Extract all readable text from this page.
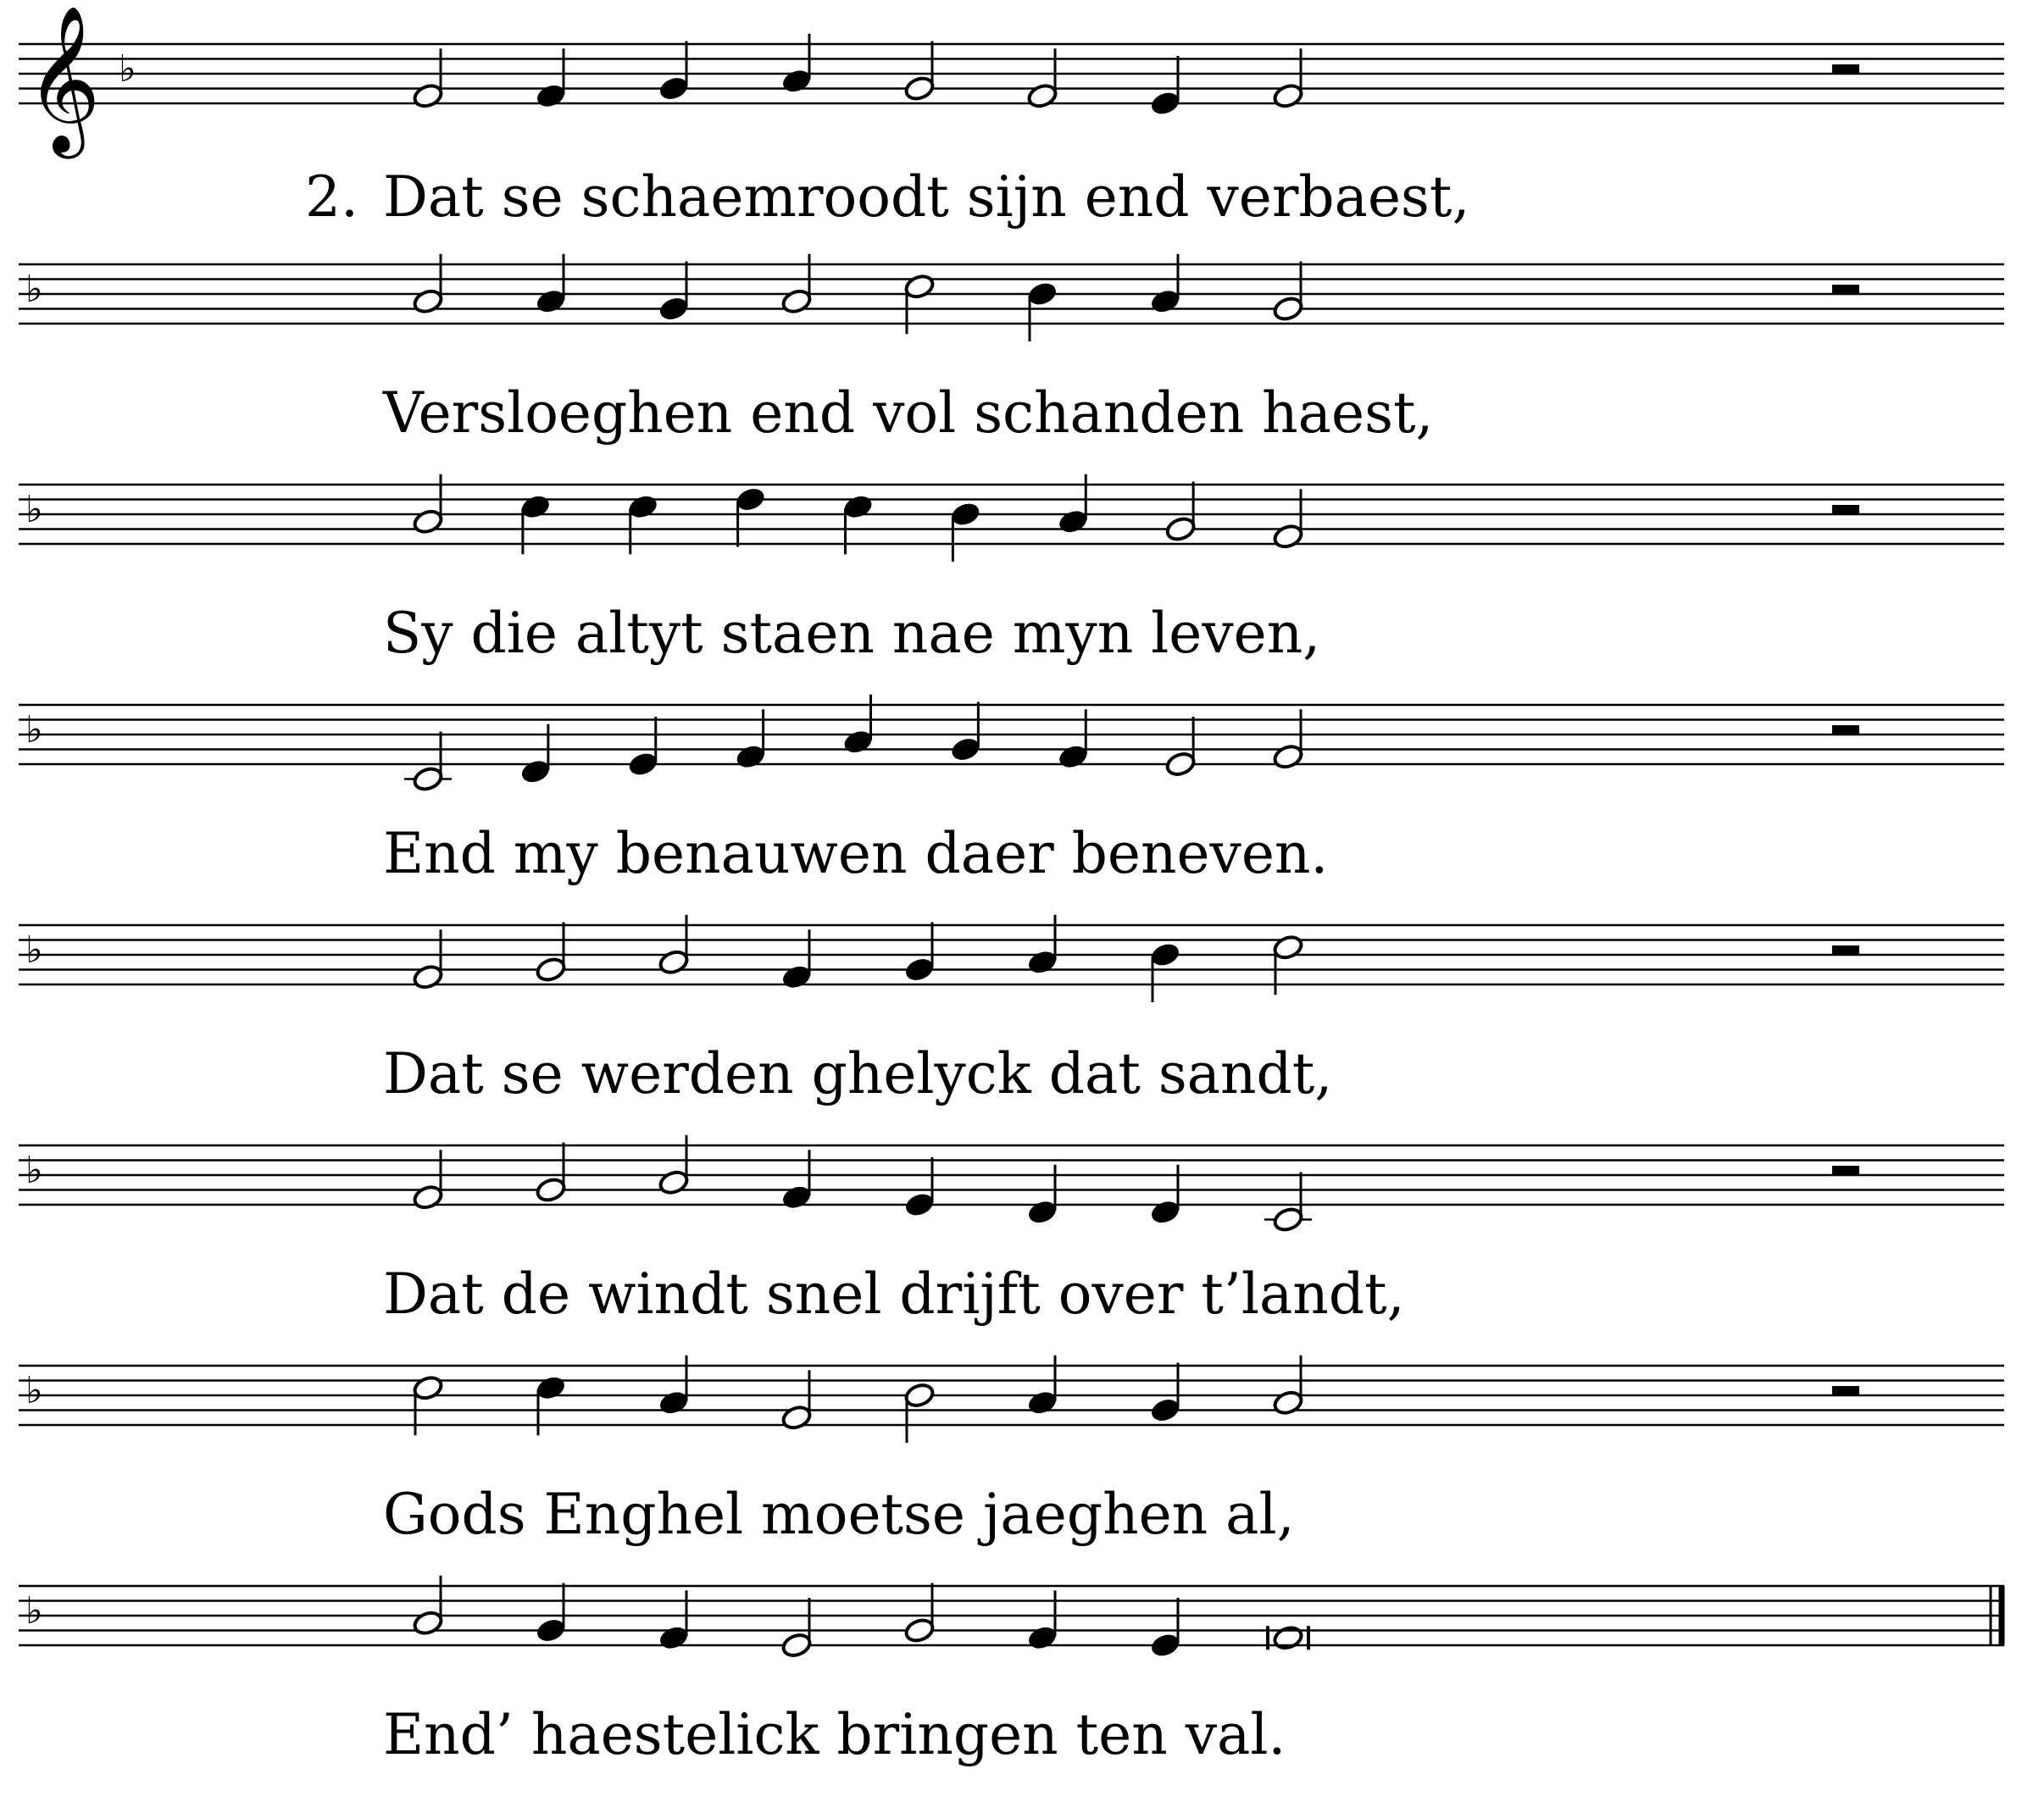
𝄞 ♭
♭
♭
♭
♭
♭
♭
♭
2. Dat se schaemroodt sijn end verbaest,
Versloeghen end vol schanden haest,
Sy die altyt staen nae myn leven,
End my benauwen daer beneven.
Dat se werden ghelyck dat sandt,
Dat de windt snel drijft over t’landt,
Gods Enghel moetse jaeghen al,
End’ haestelick bringen ten val.
